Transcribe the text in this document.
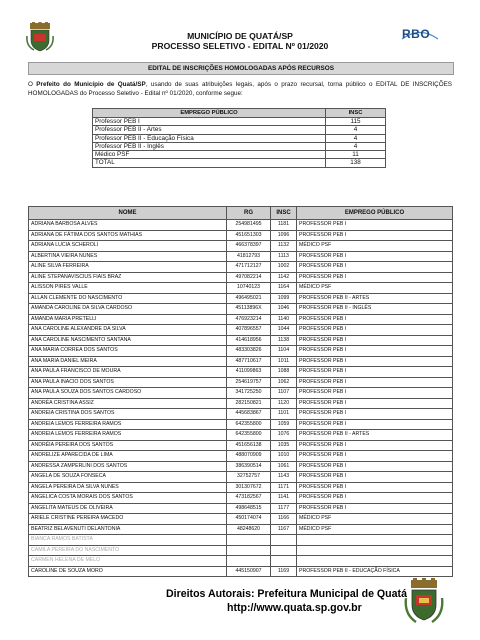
RBO
MUNICÍPIO DE QUATÁ/SP
PROCESSO SELETIVO - EDITAL Nº 01/2020
EDITAL DE INSCRIÇÕES HOMOLOGADAS APÓS RECURSOS
O Prefeito do Município de Quatá/SP, usando de suas atribuições legais, após o prazo recursal, torna público o EDITAL DE INSCRIÇÕES HOMOLOGADAS do Processo Seletivo - Edital nº 01/2020, conforme segue:
EMPREGO PÚBLICO	INSC
Professor PEB I	115
Professor PEB II - Artes	4
Professor PEB II - Educação Física	4
Professor PEB II - Inglês	4
Médico PSF	11
TOTAL	138
NOME	RG	INSC	EMPREGO PÚBLICO
ADRIANA BARBOSA ALVES	254981495	1181	PROFESSOR PEB I
ADRIANA DE FÁTIMA DOS SANTOS MATHIAS	451651303	1096	PROFESSOR PEB I
ADRIANA LUCIA SCHEROLI	466378397	1132	MÉDICO PSF
ALBERTINA VIEIRA NUNES	41812793	1113	PROFESSOR PEB I
ALINE SILVA FERREIRA	471712127	1002	PROFESSOR PEB I
ALINE STEPANAVISCIUS FIAIS BRAZ	497082214	1142	PROFESSOR PEB I
ALISSON PIRES VALLE	10740123	1164	MÉDICO PSF
ALLAN CLEMENTE DO NASCIMENTO	496495021	1099	PROFESSOR PEB II - ARTES
AMANDA CAROLINE DA SILVA CARDOSO	45113896X	1046	PROFESSOR PEB II - INGLÊS
AMANDA MARIA PRETELLI	476923214	1140	PROFESSOR PEB I
ANA CAROLINE ALEXANDRE DA SILVA	407896557	1044	PROFESSOR PEB I
ANA CAROLINE NASCIMENTO SANTANA	414618956	1138	PROFESSOR PEB I
ANA MARIA CORREA DOS SANTOS	483303826	1104	PROFESSOR PEB I
ANA MARIA DANIEL MEIRA	487710617	1011	PROFESSOR PEB I
ANA PAULA FRANCISCO DE MOURA	411099863	1088	PROFESSOR PEB I
ANA PAULA INACIO DOS SANTOS	254619757	1062	PROFESSOR PEB I
ANA PAULA SOUZA DOS SANTOS CARDOSO	341725250	1107	PROFESSOR PEB I
ANDRÉA CRISTINA ASSIZ	282150821	1120	PROFESSOR PEB I
ANDREIA CRISTINA DOS SANTOS	445683867	1101	PROFESSOR PEB I
ANDREIA LEMOS FERREIRA RAMOS	642355800	1059	PROFESSOR PEB I
ANDREIA LEMOS FERREIRA RAMOS	642355800	1076	PROFESSOR PEB II - ARTES
ANDRÉIA PEREIRA DOS SANTOS	451656138	1035	PROFESSOR PEB I
ANDRELIZE APARECIDA DE LIMA	488070909	1010	PROFESSOR PEB I
ANDRESSA ZAMPERLINI DOS SANTOS	386390514	1061	PROFESSOR PEB I
ANGELA DE SOUZA FONSECA	32752757	1143	PROFESSOR PEB I
ANGELA PEREIRA DA SILVA NUNES	301307672	1171	PROFESSOR PEB I
ANGELICA COSTA MORAIS DOS SANTOS	473182567	1141	PROFESSOR PEB I
ANGELITA MATEUS DE OLIVEIRA	498648515	1177	PROFESSOR PEB I
ARIELE CRISTINE PEREIRA MACEDO	450174074	1166	MÉDICO PSF
BEATRIZ BELAVENUTI DELANTONIA	48248620	1167	MÉDICO PSF
BIANCA RAMOS BATISTA			
CAMILA PEREIRA DO NASCIMENTO			
CARMEN HELENA DE MELO			
CAROLINE DE SOUZA MORO	445150907	1169	PROFESSOR PEB II - EDUCAÇÃO FÍSICA
Direitos Autorais: Prefeitura Municipal de Quatá
http://www.quata.sp.gov.br
